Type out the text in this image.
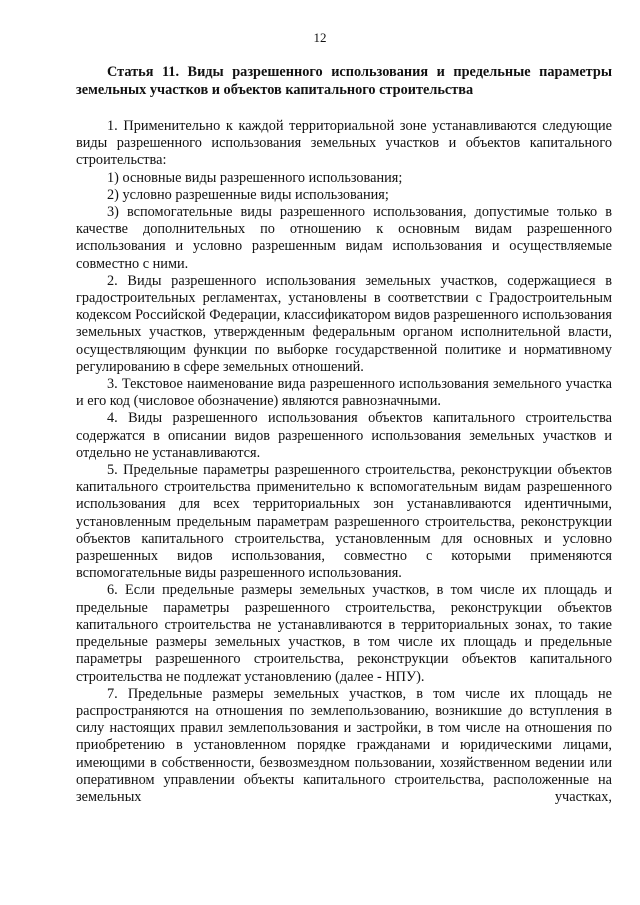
12

Статья 11. Виды разрешенного использования и предельные параметры земельных участков и объектов капитального строительства

1. Применительно к каждой территориальной зоне устанавливаются следующие виды разрешенного использования земельных участков и объектов капитального строительства:

1) основные виды разрешенного использования;

2) условно разрешенные виды использования;

3) вспомогательные виды разрешенного использования, допустимые только в качестве дополнительных по отношению к основным видам разрешенного использования и условно разрешенным видам использования и осуществляемые совместно с ними.

2. Виды разрешенного использования земельных участков, содержащиеся в градостроительных регламентах, установлены в соответствии с Градостроительным кодексом Российской Федерации, классификатором видов разрешенного использования земельных участков, утвержденным федеральным органом исполнительной власти, осуществляющим функции по выборке государственной политике и нормативному регулированию в сфере земельных отношений.

3. Текстовое наименование вида разрешенного использования земельного участка и его код (числовое обозначение) являются равнозначными.

4. Виды разрешенного использования объектов капитального строительства содержатся в описании видов разрешенного использования земельных участков и отдельно не устанавливаются.

5. Предельные параметры разрешенного строительства, реконструкции объектов капитального строительства применительно к вспомогательным видам разрешенного использования для всех территориальных зон устанавливаются идентичными, установленным предельным параметрам разрешенного строительства, реконструкции объектов капитального строительства, установленным для основных и условно разрешенных видов использования, совместно с которыми применяются вспомогательные виды разрешенного использования.

6. Если предельные размеры земельных участков, в том числе их площадь и предельные параметры разрешенного строительства, реконструкции объектов капитального строительства не устанавливаются в территориальных зонах, то такие предельные размеры земельных участков, в том числе их площадь и предельные параметры разрешенного строительства, реконструкции объектов капитального строительства не подлежат установлению (далее - НПУ).

7. Предельные размеры земельных участков, в том числе их площадь не распространяются на отношения по землепользованию, возникшие до вступления в силу настоящих правил землепользования и застройки, в том числе на отношения по приобретению в установленном порядке гражданами и юридическими лицами, имеющими в собственности, безвозмездном пользовании, хозяйственном ведении или оперативном управлении объекты капитального строительства, расположенные на земельных участках,
